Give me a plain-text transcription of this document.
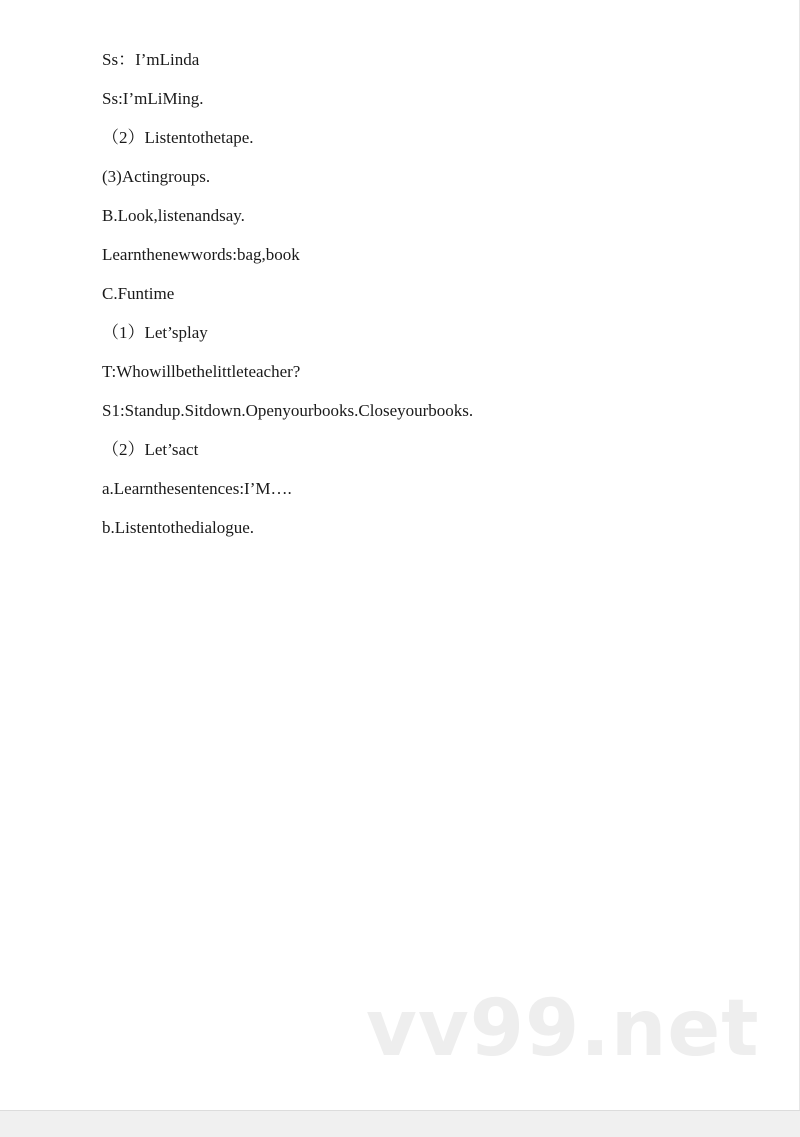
Ss：I’mLinda
Ss:I’mLiMing.
（2）Listentothetape.
(3)Actingroups.
B.Look,listenandsay.
Learnthenewwords:bag,book
C.Funtime
（1）Let’splay
T:Whowillbethelittleteacher?
S1:Standup.Sitdown.Openyourbooks.Closeyourbooks.
（2）Let’sact
a.Learnthesentences:I’M….
b.Listentothedialogue.
vv99.net
